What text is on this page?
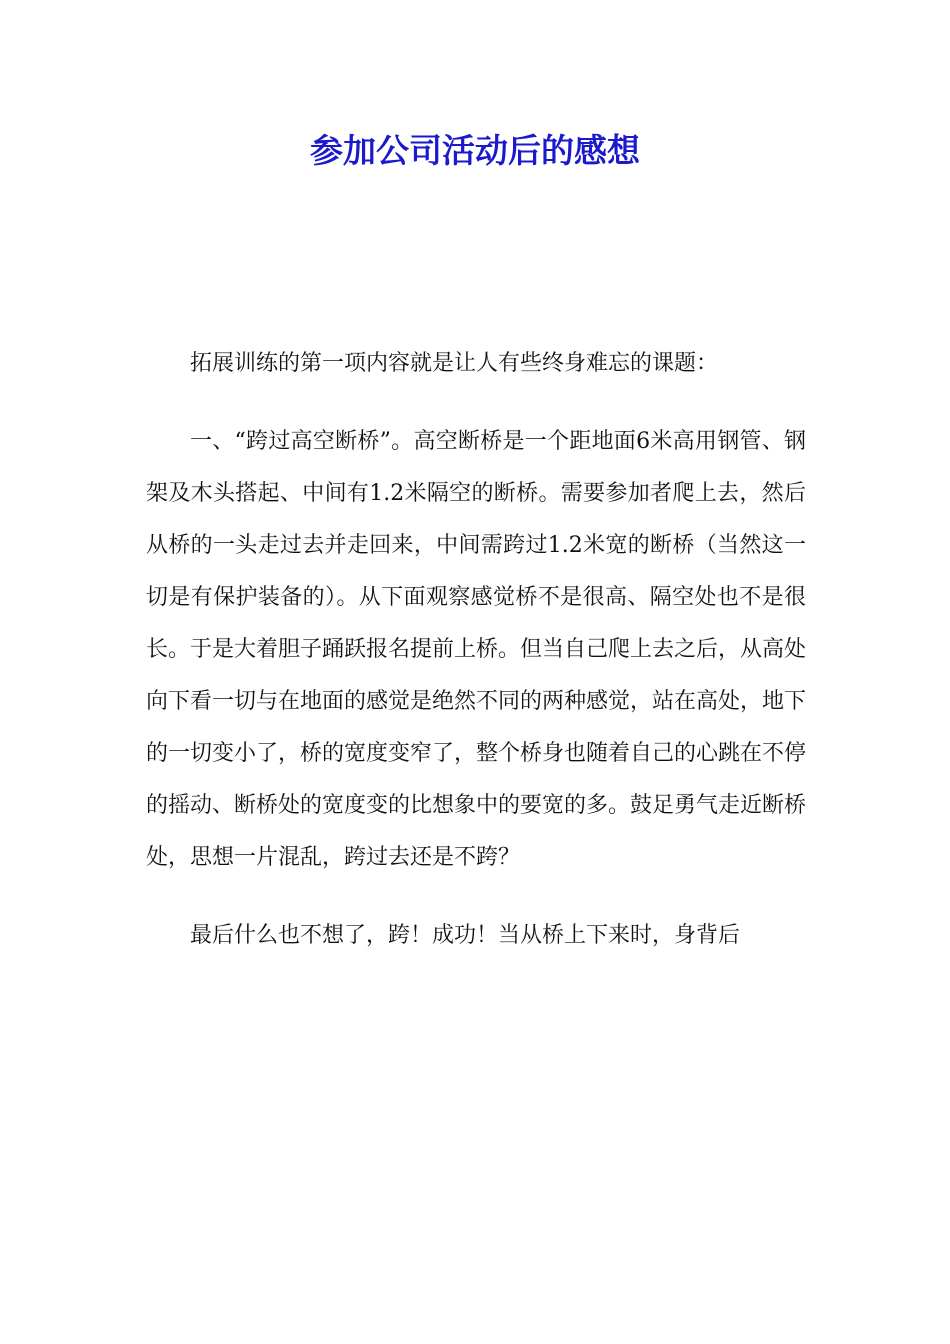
参加公司活动后的感想

拓展训练的第一项内容就是让人有些终身难忘的课题：

一、“跨过高空断桥”。高空断桥是一个距地面6米高用钢管、钢架及木头搭起、中间有1.2米隔空的断桥。需要参加者爬上去，然后从桥的一头走过去并走回来，中间需跨过1.2米宽的断桥（当然这一切是有保护装备的）。从下面观察感觉桥不是很高、隔空处也不是很长。于是大着胆子踊跃报名提前上桥。但当自己爬上去之后，从高处向下看一切与在地面的感觉是绝然不同的两种感觉，站在高处，地下的一切变小了，桥的宽度变窄了，整个桥身也随着自己的心跳在不停的摇动、断桥处的宽度变的比想象中的要宽的多。鼓足勇气走近断桥处，思想一片混乱，跨过去还是不跨？

最后什么也不想了，跨！成功！当从桥上下来时，身背后
